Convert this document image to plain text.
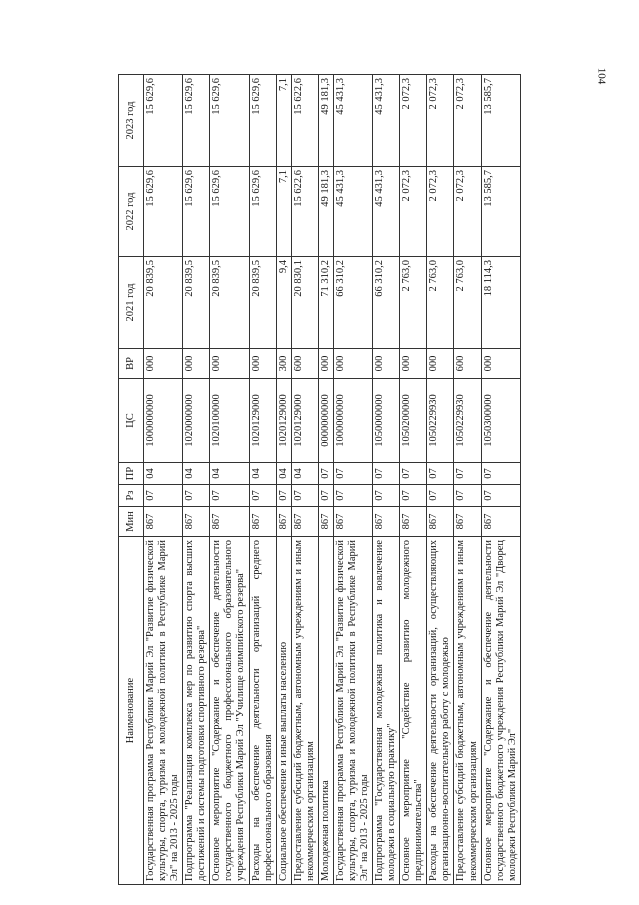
104
Наименование	Мин	Рз	ПР	ЦС	ВР	2021 год	2022 год	2023 год
Государственная программа Республики Марий Эл "Развитие физической культуры, спорта, туризма и молодежной политики в Республике Марий Эл" на 2013 - 2025 годы	867	07	04	1000000000	000	20 839,5	15 629,6	15 629,6
Подпрограмма "Реализация комплекса мер по развитию спорта высших достижений и системы подготовки спортивного резерва"	867	07	04	1020000000	000	20 839,5	15 629,6	15 629,6
Основное мероприятие "Содержание и обеспечение деятельности государственного бюджетного профессионального образовательного учреждения Республики Марий Эл "Училище олимпийского резерва"	867	07	04	1020100000	000	20 839,5	15 629,6	15 629,6
Расходы на обеспечение деятельности организаций среднего профессионального образования	867	07	04	1020129000	000	20 839,5	15 629,6	15 629,6
Социальное обеспечение и иные выплаты населению	867	07	04	1020129000	300	9,4	7,1	7,1
Предоставление субсидий бюджетным, автономным учреждениям и иным некоммерческим организациям	867	07	04	1020129000	600	20 830,1	15 622,6	15 622,6
Молодежная политика	867	07	07	0000000000	000	71 310,2	49 181,3	49 181,3
Государственная программа Республики Марий Эл "Развитие физической культуры, спорта, туризма и молодежной политики в Республике Марий Эл" на 2013 - 2025 годы	867	07	07	1000000000	000	66 310,2	45 431,3	45 431,3
Подпрограмма "Государственная молодежная политика и вовлечение молодежи в социальную практику"	867	07	07	1050000000	000	66 310,2	45 431,3	45 431,3
Основное мероприятие "Содействие развитию молодежного предпринимательства"	867	07	07	1050200000	000	2 763,0	2 072,3	2 072,3
Расходы на обеспечение деятельности организаций, осуществляющих организационно-воспитательную работу с молодежью	867	07	07	1050229930	000	2 763,0	2 072,3	2 072,3
Предоставление субсидий бюджетным, автономным учреждениям и иным некоммерческим организациям	867	07	07	1050229930	600	2 763,0	2 072,3	2 072,3
Основное мероприятие "Содержание и обеспечение деятельности государственного бюджетного учреждения Республики Марий Эл "Дворец молодежи Республики Марий Эл"	867	07	07	1050300000	000	18 114,3	13 585,7	13 585,7
